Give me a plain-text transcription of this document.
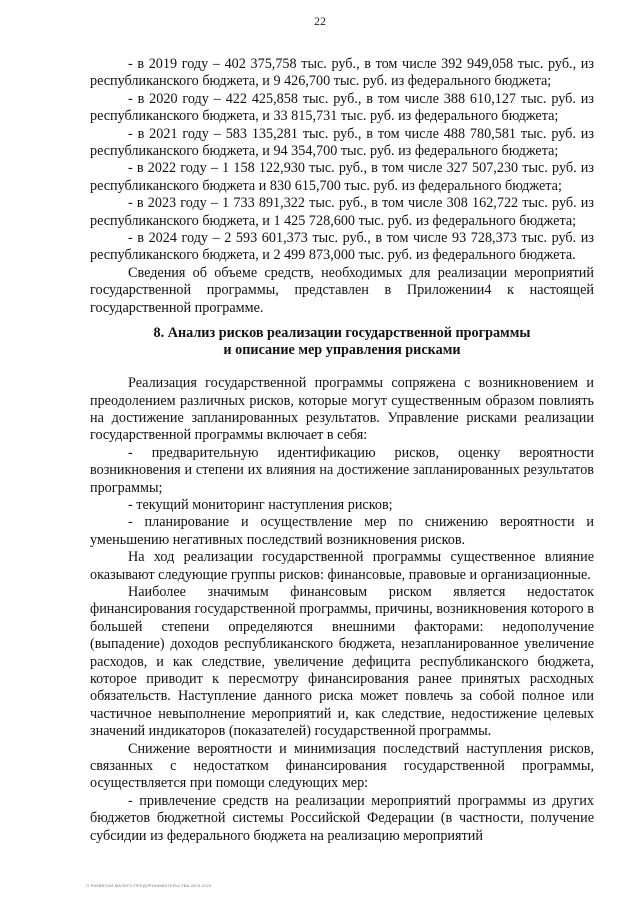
22

- в 2019 году – 402 375,758 тыс. руб., в том числе 392 949,058 тыс. руб., из республиканского бюджета, и 9 426,700 тыс. руб. из федерального бюджета;

- в 2020 году – 422 425,858 тыс. руб., в том числе 388 610,127 тыс. руб. из республиканского бюджета, и 33 815,731 тыс. руб. из федерального бюджета;

- в 2021 году – 583 135,281 тыс. руб., в том числе 488 780,581 тыс. руб. из республиканского бюджета, и 94 354,700 тыс. руб. из федерального бюджета;

- в 2022 году – 1 158 122,930 тыс. руб., в том числе 327 507,230 тыс. руб. из республиканского бюджета и 830 615,700 тыс. руб. из федерального бюджета;

- в 2023 году – 1 733 891,322 тыс. руб., в том числе 308 162,722 тыс. руб. из республиканского бюджета, и 1 425 728,600 тыс. руб. из федерального бюджета;

- в 2024 году – 2 593 601,373 тыс. руб., в том числе 93 728,373 тыс. руб. из республиканского бюджета, и 2 499 873,000 тыс. руб. из федерального бюджета.

Сведения об объеме средств, необходимых для реализации мероприятий государственной программы, представлен в Приложении4 к настоящей государственной программе.

8. Анализ рисков реализации государственной программы
и описание мер управления рисками

Реализация государственной программы сопряжена с возникновением и преодолением различных рисков, которые могут существенным образом повлиять на достижение запланированных результатов. Управление рисками реализации государственной программы включает в себя:

- предварительную идентификацию рисков, оценку вероятности возникновения и степени их влияния на достижение запланированных результатов программы;

- текущий мониторинг наступления рисков;

- планирование и осуществление мер по снижению вероятности и уменьшению негативных последствий возникновения рисков.

На ход реализации государственной программы существенное влияние оказывают следующие группы рисков: финансовые, правовые и организационные.

Наиболее значимым финансовым риском является недостаток финансирования государственной программы, причины, возникновения которого в большей степени определяются внешними факторами: недополучение (выпадение) доходов республиканского бюджета, незапланированное увеличение расходов, и как следствие, увеличение дефицита республиканского бюджета, которое приводит к пересмотру финансирования ранее принятых расходных обязательств. Наступление данного риска может повлечь за собой полное или частичное невыполнение мероприятий и, как следствие, недостижение целевых значений индикаторов (показателей) государственной программы.

Снижение вероятности и минимизация последствий наступления рисков, связанных с недостатком финансирования государственной программы, осуществляется при помощи следующих мер:

- привлечение средств на реализации мероприятий программы из других бюджетов бюджетной системы Российской Федерации (в частности, получение субсидии из федерального бюджета на реализацию мероприятий

О РАЗВИТИИ МАЛОГО ПРЕДПРИНИМАТЕЛЬСТВА 2019-2024
